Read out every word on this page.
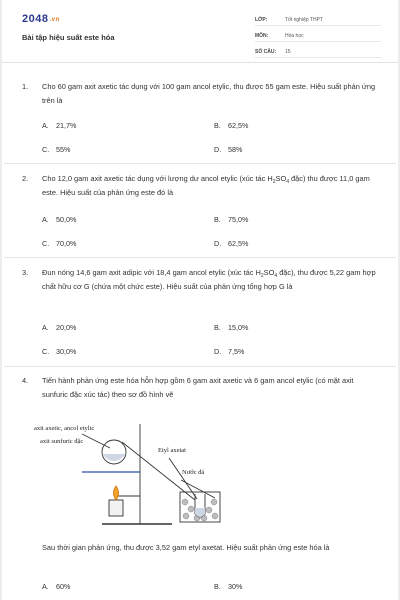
2048.vn
Bài tập hiệu suất este hóa
LỚP:	Tốt nghiệp THPT
MÔN:	Hóa học
SỐ CÂU:	15
1. Cho 60 gam axit axetic tác dụng với 100 gam ancol etylic, thu được 55 gam este. Hiệu suất phản ứng trên là
A. 21,7%	B. 62,5%
C. 55%	D. 58%
2. Cho 12,0 gam axit axetic tác dụng với lượng dư ancol etylic (xúc tác $H_2SO_4$ đặc) thu được 11,0 gam este. Hiệu suất của phản ứng este đó là
A. 50,0%	B. 75,0%
C. 70,0%	D. 62,5%
3. Đun nóng 14,6 gam axit adipic với 18,4 gam ancol etylic (xúc tác $H_2SO_4$ đặc), thu được 5,22 gam hợp chất hữu cơ G (chứa một chức este). Hiệu suất của phản ứng tổng hợp G là
A. 20,0%	B. 15,0%
C. 30,0%	D. 7,5%
4. Tiến hành phản ứng este hóa hỗn hợp gồm 6 gam axit axetic và 6 gam ancol etylic (có mặt axit sunfuric đặc xúc tác) theo sơ đồ hình vẽ
axit axetic, ancol etylic
axit sunfuric đặc
Etyl axetat
Nước đá
Sau thời gian phản ứng, thu được 3,52 gam etyl axetat. Hiệu suất phản ứng este hóa là
A. 60%	B. 30%
